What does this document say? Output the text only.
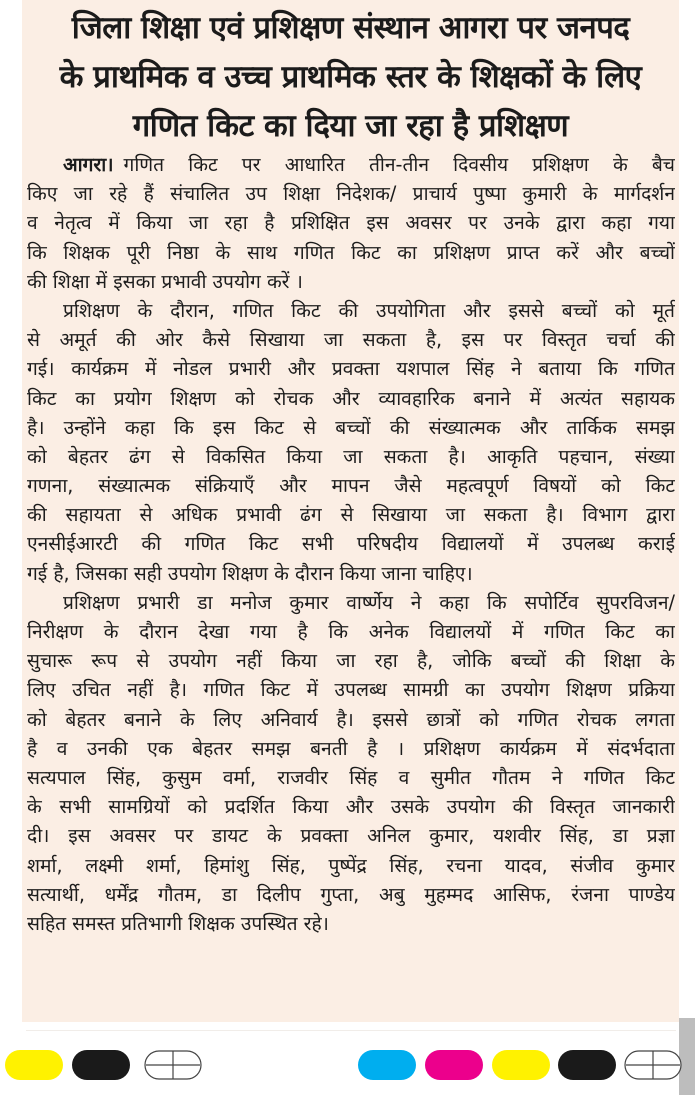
जिला शिक्षा एवं प्रशिक्षण संस्थान आगरा पर जनपद
के प्राथमिक व उच्च प्राथमिक स्तर के शिक्षकों के लिए
गणित किट का दिया जा रहा है प्रशिक्षण

आगरा। गणित किट पर आधारित तीन-तीन दिवसीय प्रशिक्षण के बैच
किए जा रहे हैं संचालित उप शिक्षा निदेशक/ प्राचार्य पुष्पा कुमारी के मार्गदर्शन
व नेतृत्व में किया जा रहा है प्रशिक्षित इस अवसर पर उनके द्वारा कहा गया
कि शिक्षक पूरी निष्ठा के साथ गणित किट का प्रशिक्षण प्राप्त करें और बच्चों
की शिक्षा में इसका प्रभावी उपयोग करें ।

प्रशिक्षण के दौरान, गणित किट की उपयोगिता और इससे बच्चों को मूर्त
से अमूर्त की ओर कैसे सिखाया जा सकता है, इस पर विस्तृत चर्चा की
गई। कार्यक्रम में नोडल प्रभारी और प्रवक्ता यशपाल सिंह ने बताया कि गणित
किट का प्रयोग शिक्षण को रोचक और व्यावहारिक बनाने में अत्यंत सहायक
है। उन्होंने कहा कि इस किट से बच्चों की संख्यात्मक और तार्किक समझ
को बेहतर ढंग से विकसित किया जा सकता है। आकृति पहचान, संख्या
गणना, संख्यात्मक संक्रियाएँ और मापन जैसे महत्वपूर्ण विषयों को किट
की सहायता से अधिक प्रभावी ढंग से सिखाया जा सकता है। विभाग द्वारा
एनसीईआरटी की गणित किट सभी परिषदीय विद्यालयों में उपलब्ध कराई
गई है, जिसका सही उपयोग शिक्षण के दौरान किया जाना चाहिए।

प्रशिक्षण प्रभारी डा मनोज कुमार वार्ष्णेय ने कहा कि सपोर्टिव सुपरविजन/
निरीक्षण के दौरान देखा गया है कि अनेक विद्यालयों में गणित किट का
सुचारू रूप से उपयोग नहीं किया जा रहा है, जोकि बच्चों की शिक्षा के
लिए उचित नहीं है। गणित किट में उपलब्ध सामग्री का उपयोग शिक्षण प्रक्रिया
को बेहतर बनाने के लिए अनिवार्य है। इससे छात्रों को गणित रोचक लगता
है व उनकी एक बेहतर समझ बनती है । प्रशिक्षण कार्यक्रम में संदर्भदाता
सत्यपाल सिंह, कुसुम वर्मा, राजवीर सिंह व सुमीत गौतम ने गणित किट
के सभी सामग्रियों को प्रदर्शित किया और उसके उपयोग की विस्तृत जानकारी
दी। इस अवसर पर डायट के प्रवक्ता अनिल कुमार, यशवीर सिंह, डा प्रज्ञा
शर्मा, लक्ष्मी शर्मा, हिमांशु सिंह, पुष्पेंद्र सिंह, रचना यादव, संजीव कुमार
सत्यार्थी, धर्मेंद्र गौतम, डा दिलीप गुप्ता, अबु मुहम्मद आसिफ, रंजना पाण्डेय
सहित समस्त प्रतिभागी शिक्षक उपस्थित रहे।
